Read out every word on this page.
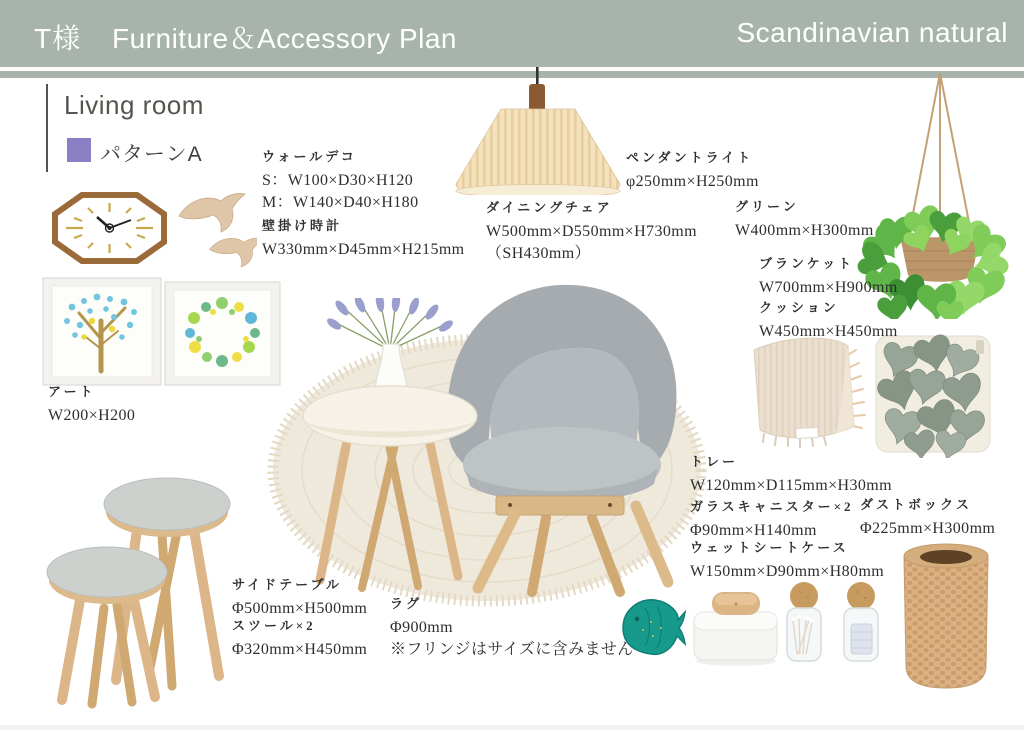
T様 Furniture＆Accessory Plan	Scandinavian natural
Living room
パターンA	ウォールデコ
S：W100×D30×H120
M：W140×D40×H180
壁掛け時計
W330mm×D45mm×H215mm
ペンダントライト
φ250mm×H250mm
ダイニングチェア
W500mm×D550mm×H730mm
（SH430mm）
グリーン
W400mm×H300mm
ブランケット
W700mm×H900mm
クッション
W450mm×H450mm
アート
W200×H200
トレー
W120mm×D115mm×H30mm
ガラスキャニスター×2
Φ90mm×H140mm
ダストボックス
Φ225mm×H300mm
ウェットシートケース
W150mm×D90mm×H80mm
サイドテーブル
Φ500mm×H500mm
スツール×2
Φ320mm×H450mm
ラグ
Φ900mm
※フリンジはサイズに含みません
